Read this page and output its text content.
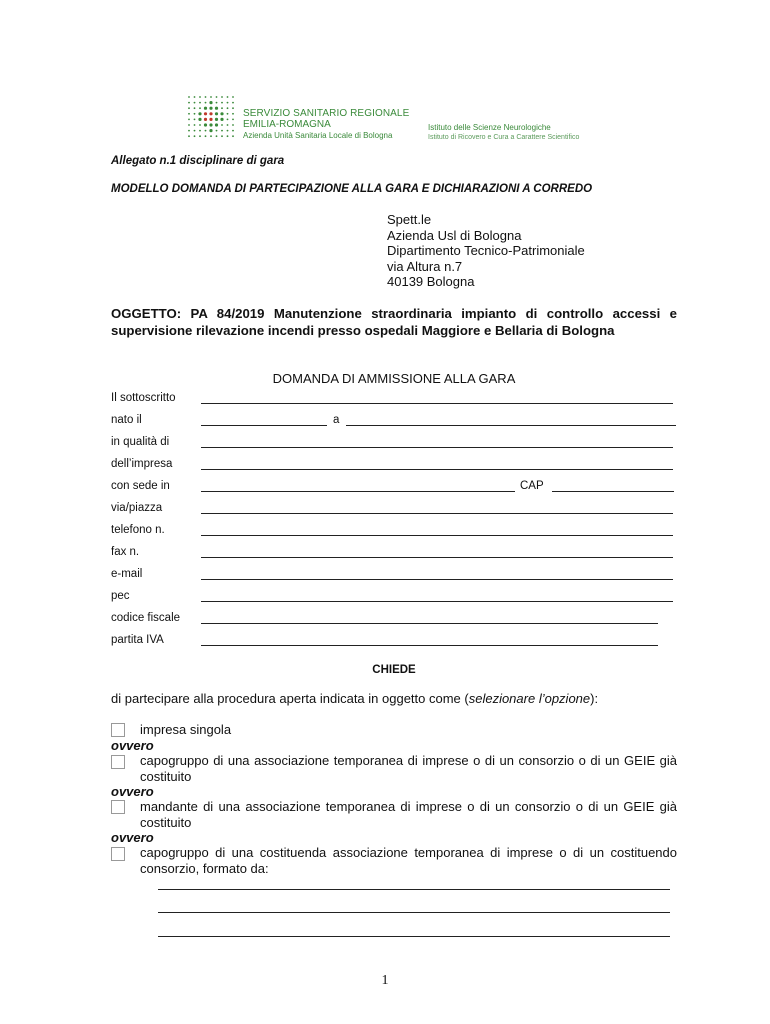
SERVIZIO SANITARIO REGIONALE
EMILIA-ROMAGNA
Azienda Unità Sanitaria Locale di Bologna
Istituto delle Scienze Neurologiche
Istituto di Ricovero e Cura a Carattere Scientifico
Allegato n.1 disciplinare di gara
MODELLO DOMANDA DI PARTECIPAZIONE ALLA GARA E DICHIARAZIONI A CORREDO
Spett.le
Azienda Usl di Bologna
Dipartimento Tecnico-Patrimoniale
via Altura n.7
40139 Bologna
OGGETTO: PA 84/2019 Manutenzione straordinaria impianto di controllo accessi e supervisione rilevazione incendi presso ospedali Maggiore e Bellaria di Bologna
DOMANDA DI AMMISSIONE ALLA GARA
Il sottoscritto
nato il	a
in qualità di
dell’impresa
con sede in	CAP
via/piazza
telefono n.
fax n.
e-mail
pec
codice fiscale
partita IVA
CHIEDE
di partecipare alla procedura aperta indicata in oggetto come (selezionare l’opzione):
impresa singola
ovvero
capogruppo di una associazione temporanea di imprese o di un consorzio o di un GEIE già costituito
ovvero
mandante di una associazione temporanea di imprese o di un consorzio o di un GEIE già costituito
ovvero
capogruppo di una costituenda associazione temporanea di imprese o di un costituendo consorzio, formato da:
1
